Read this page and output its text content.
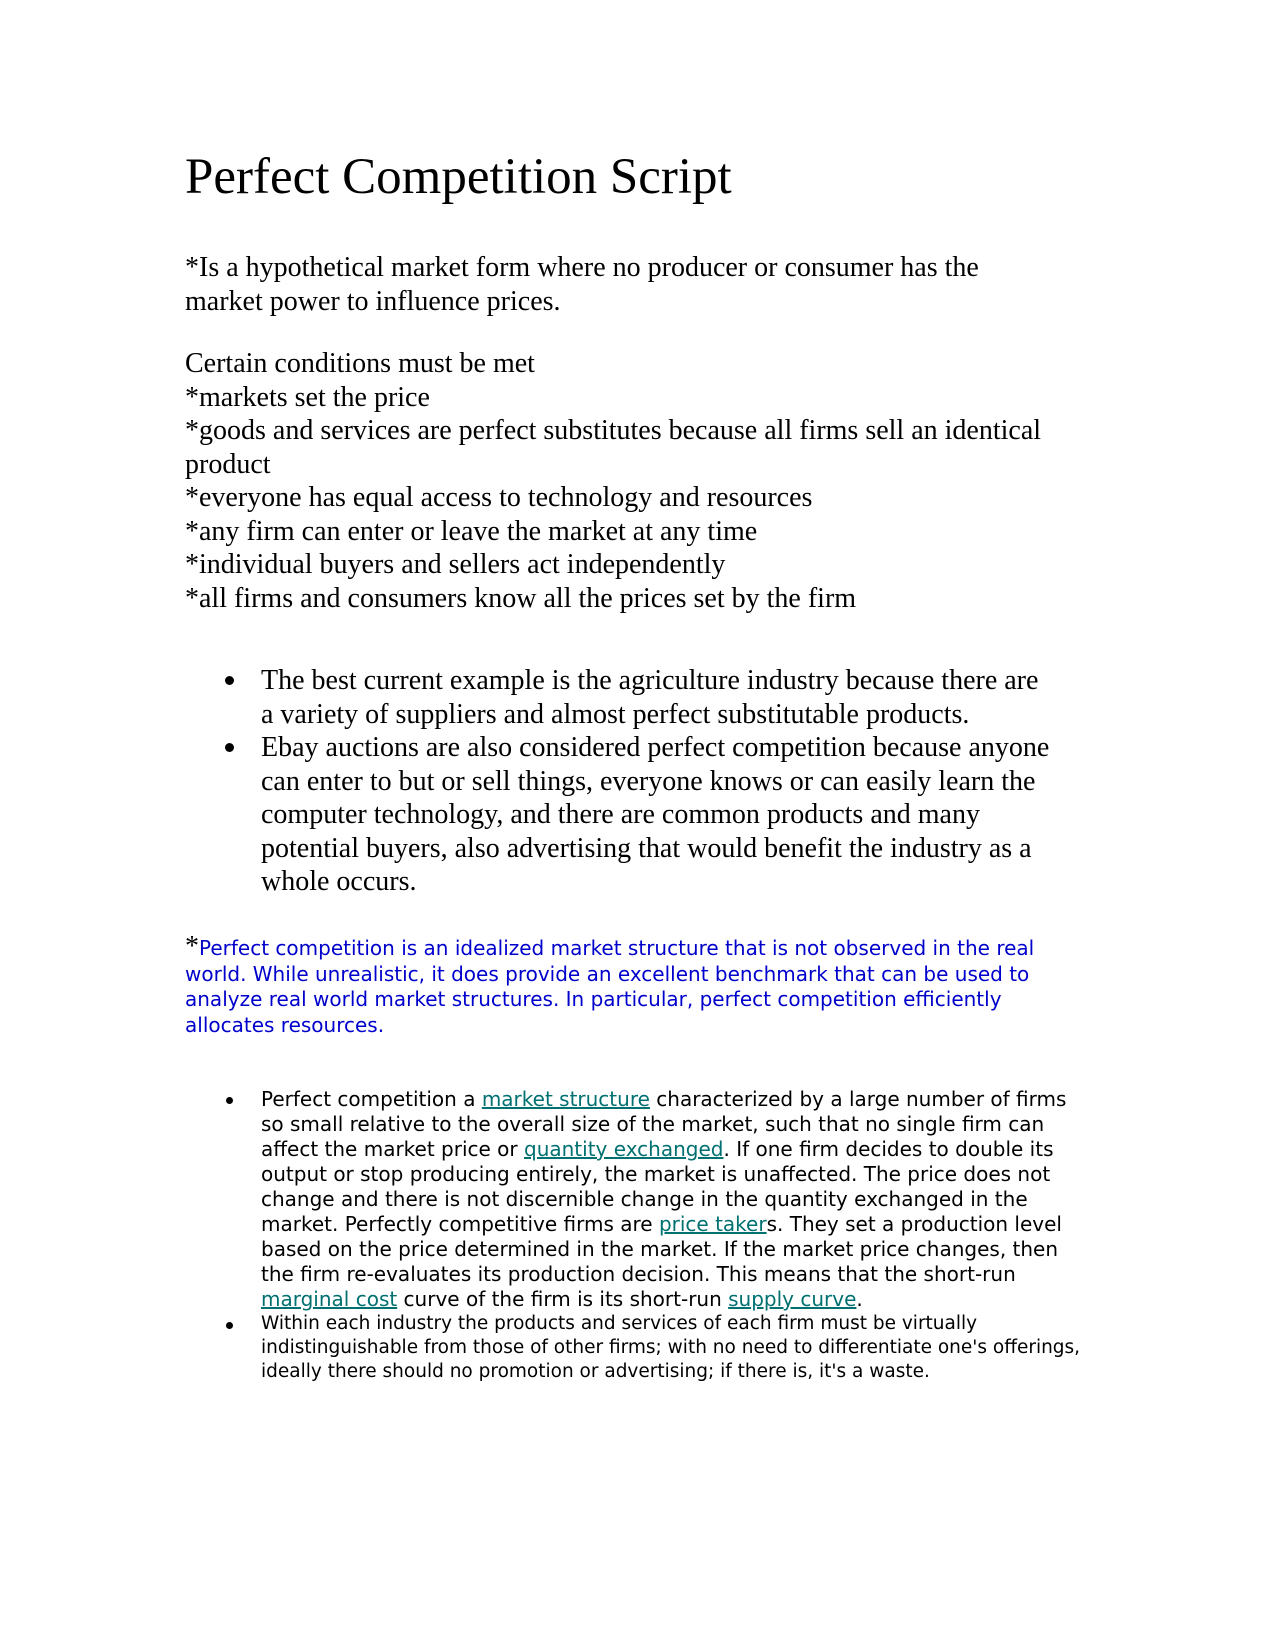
Perfect Competition Script

*Is a hypothetical market form where no producer or consumer has the
market power to influence prices.

Certain conditions must be met
*markets set the price
*goods and services are perfect substitutes because all firms sell an identical
product
*everyone has equal access to technology and resources
*any firm can enter or leave the market at any time
*individual buyers and sellers act independently
*all firms and consumers know all the prices set by the firm

The best current example is the agriculture industry because there are
a variety of suppliers and almost perfect substitutable products.
Ebay auctions are also considered perfect competition because anyone
can enter to but or sell things, everyone knows or can easily learn the
computer technology, and there are common products and many
potential buyers, also advertising that would benefit the industry as a
whole occurs.

*Perfect competition is an idealized market structure that is not observed in the real world. While unrealistic, it does provide an excellent benchmark that can be used to analyze real world market structures. In particular, perfect competition efficiently allocates resources.

Perfect competition a market structure characterized by a large number of firms so small relative to the overall size of the market, such that no single firm can affect the market price or quantity exchanged. If one firm decides to double its output or stop producing entirely, the market is unaffected. The price does not change and there is not discernible change in the quantity exchanged in the market. Perfectly competitive firms are price takers. They set a production level based on the price determined in the market. If the market price changes, then the firm re-evaluates its production decision. This means that the short-run marginal cost curve of the firm is its short-run supply curve.
Within each industry the products and services of each firm must be virtually indistinguishable from those of other firms; with no need to differentiate one's offerings, ideally there should no promotion or advertising; if there is, it's a waste.
